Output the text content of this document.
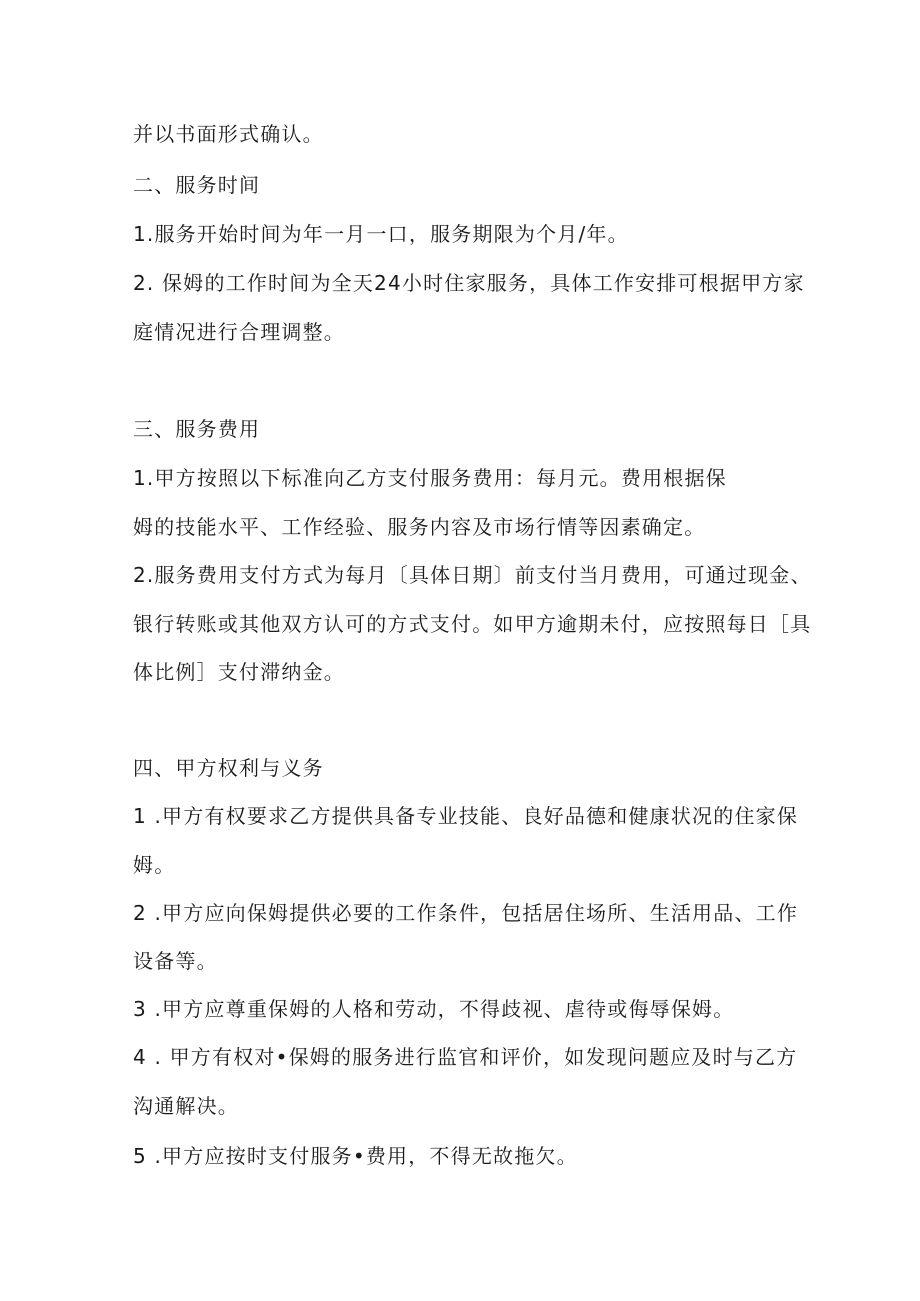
并以书面形式确认。
二、服务时间
1.服务开始时间为年一月一口，服务期限为个月/年。
2. 保姆的工作时间为全天24小时住家服务，具体工作安排可根据甲方家
庭情况进行合理调整。
三、服务费用
1.甲方按照以下标准向乙方支付服务费用：每月元。费用根据保
姆的技能水平、工作经验、服务内容及市场行情等因素确定。
2.服务费用支付方式为每月〔具体日期〕前支付当月费用，可通过现金、
银行转账或其他双方认可的方式支付。如甲方逾期未付，应按照每日［具
体比例］支付滞纳金。
四、甲方权利与义务
1 .甲方有权要求乙方提供具备专业技能、良好品德和健康状况的住家保
姆。
2 .甲方应向保姆提供必要的工作条件，包括居住场所、生活用品、工作
设备等。
3 .甲方应尊重保姆的人格和劳动，不得歧视、虐待或侮辱保姆。
4 . 甲方有权对•保姆的服务进行监官和评价，如发现问题应及时与乙方
沟通解决。
5 .甲方应按时支付服务•费用，不得无故拖欠。
